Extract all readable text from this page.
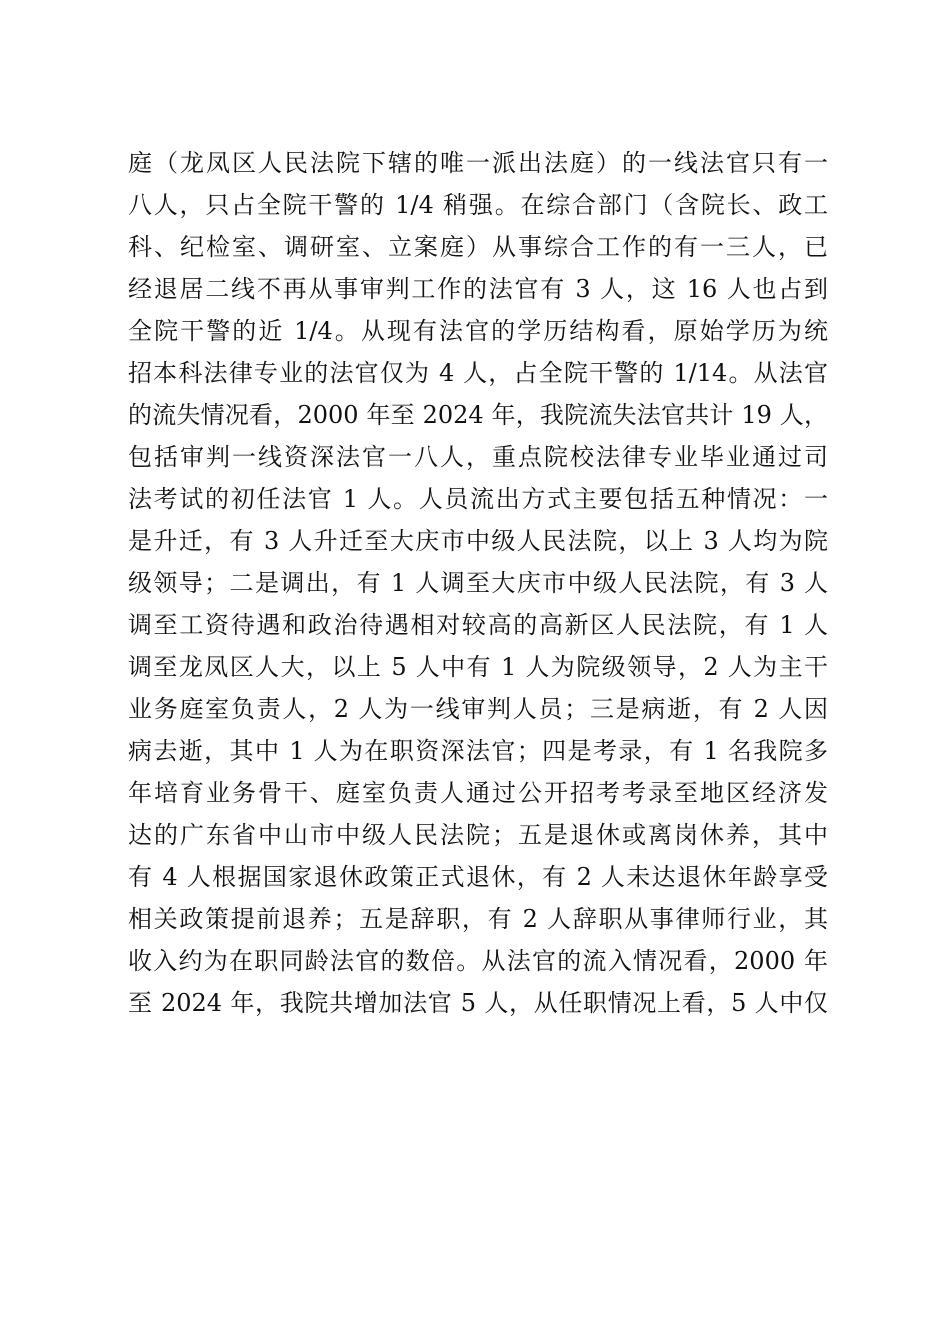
庭（龙凤区人民法院下辖的唯一派出法庭）的一线法官只有一
八人，只占全院干警的 1/4 稍强。在综合部门（含院长、政工
科、纪检室、调研室、立案庭）从事综合工作的有一三人，已
经退居二线不再从事审判工作的法官有 3 人，这 16 人也占到
全院干警的近 1/4。从现有法官的学历结构看，原始学历为统
招本科法律专业的法官仅为 4 人，占全院干警的 1/14。从法官
的流失情况看，2000 年至 2024 年，我院流失法官共计 19 人，
包括审判一线资深法官一八人，重点院校法律专业毕业通过司
法考试的初任法官 1 人。人员流出方式主要包括五种情况：一
是升迁，有 3 人升迁至大庆市中级人民法院，以上 3 人均为院
级领导；二是调出，有 1 人调至大庆市中级人民法院，有 3 人
调至工资待遇和政治待遇相对较高的高新区人民法院，有 1 人
调至龙凤区人大，以上 5 人中有 1 人为院级领导，2 人为主干
业务庭室负责人，2 人为一线审判人员；三是病逝，有 2 人因
病去逝，其中 1 人为在职资深法官；四是考录，有 1 名我院多
年培育业务骨干、庭室负责人通过公开招考考录至地区经济发
达的广东省中山市中级人民法院；五是退休或离岗休养，其中
有 4 人根据国家退休政策正式退休，有 2 人未达退休年龄享受
相关政策提前退养；五是辞职，有 2 人辞职从事律师行业，其
收入约为在职同龄法官的数倍。从法官的流入情况看，2000 年
至 2024 年，我院共增加法官 5 人，从任职情况上看，5 人中仅
